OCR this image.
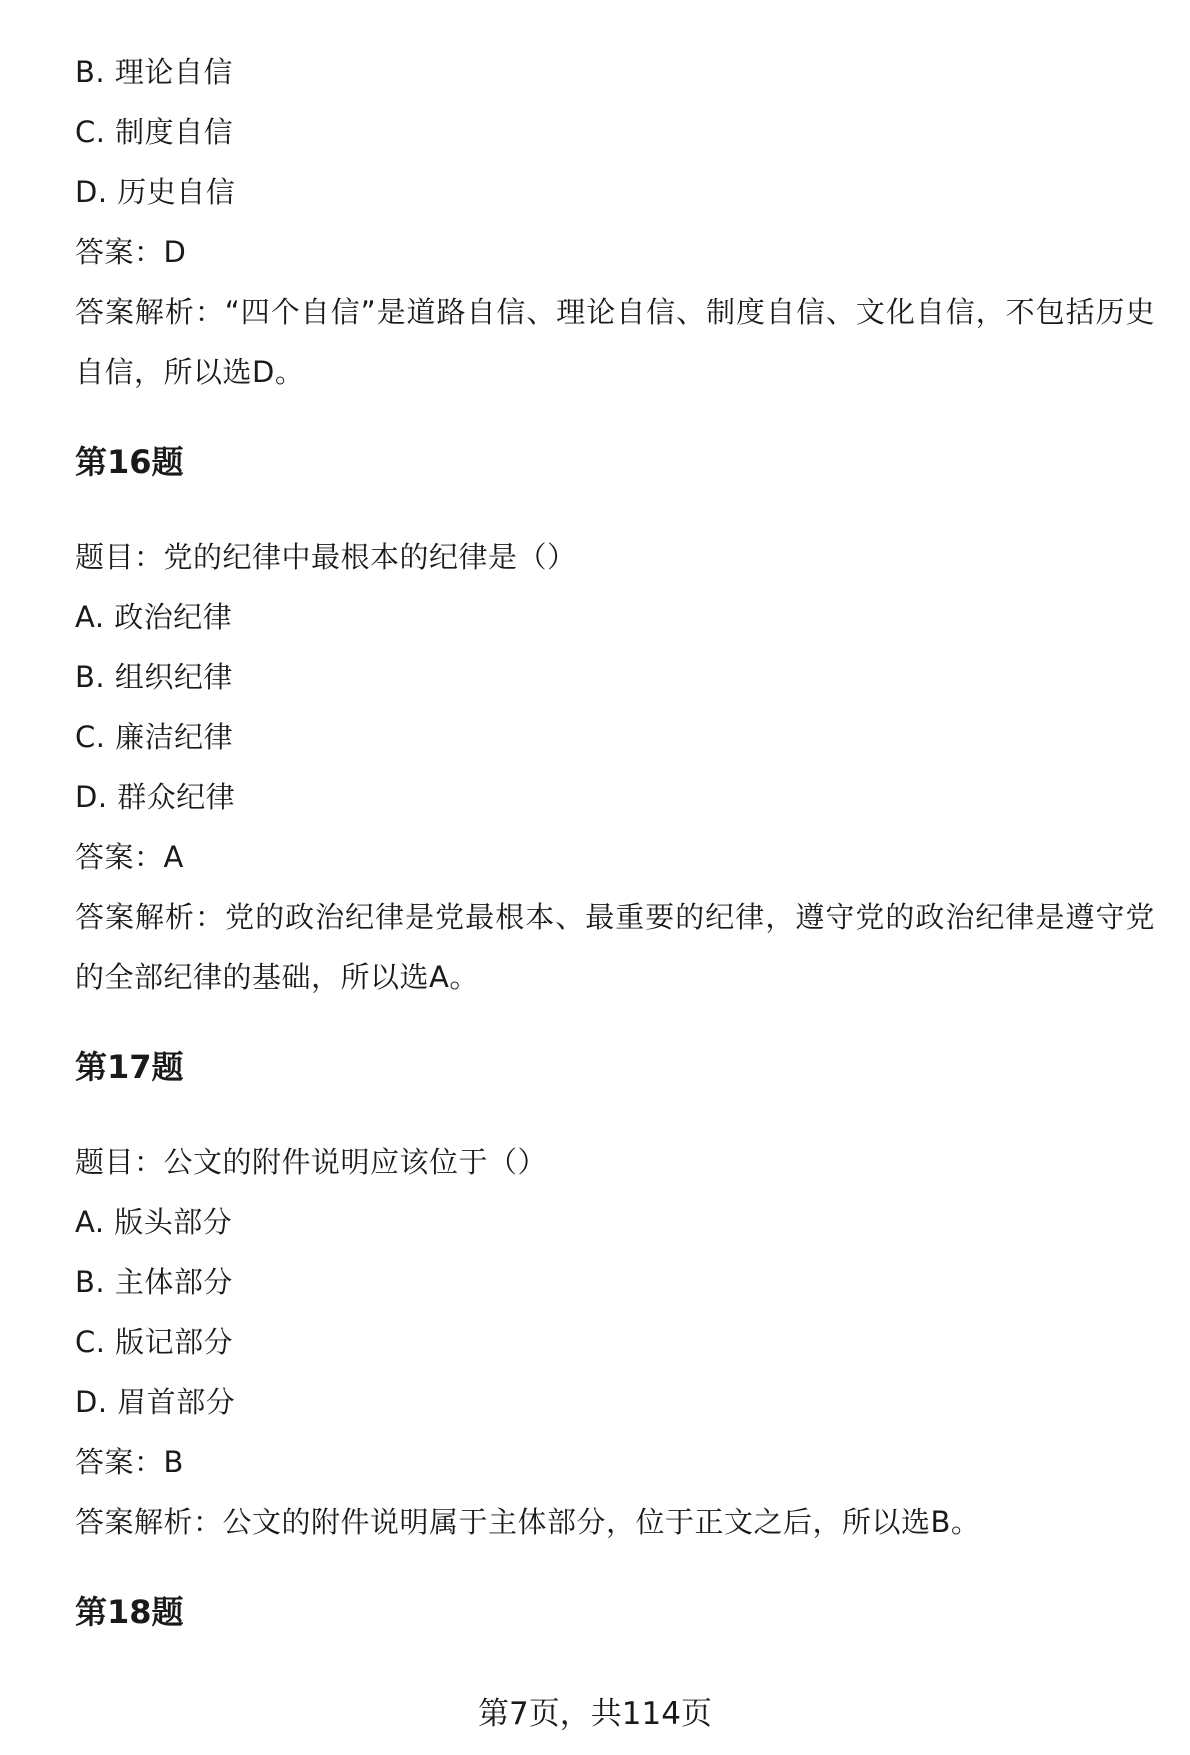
B. 理论自信
C. 制度自信
D. 历史自信
答案：D
答案解析：“四个自信”是道路自信、理论自信、制度自信、文化自信，不包括历史自信，所以选D。
第16题
题目：党的纪律中最根本的纪律是（）
A. 政治纪律
B. 组织纪律
C. 廉洁纪律
D. 群众纪律
答案：A
答案解析：党的政治纪律是党最根本、最重要的纪律，遵守党的政治纪律是遵守党的全部纪律的基础，所以选A。
第17题
题目：公文的附件说明应该位于（）
A. 版头部分
B. 主体部分
C. 版记部分
D. 眉首部分
答案：B
答案解析：公文的附件说明属于主体部分，位于正文之后，所以选B。
第18题
第7页，共114页
